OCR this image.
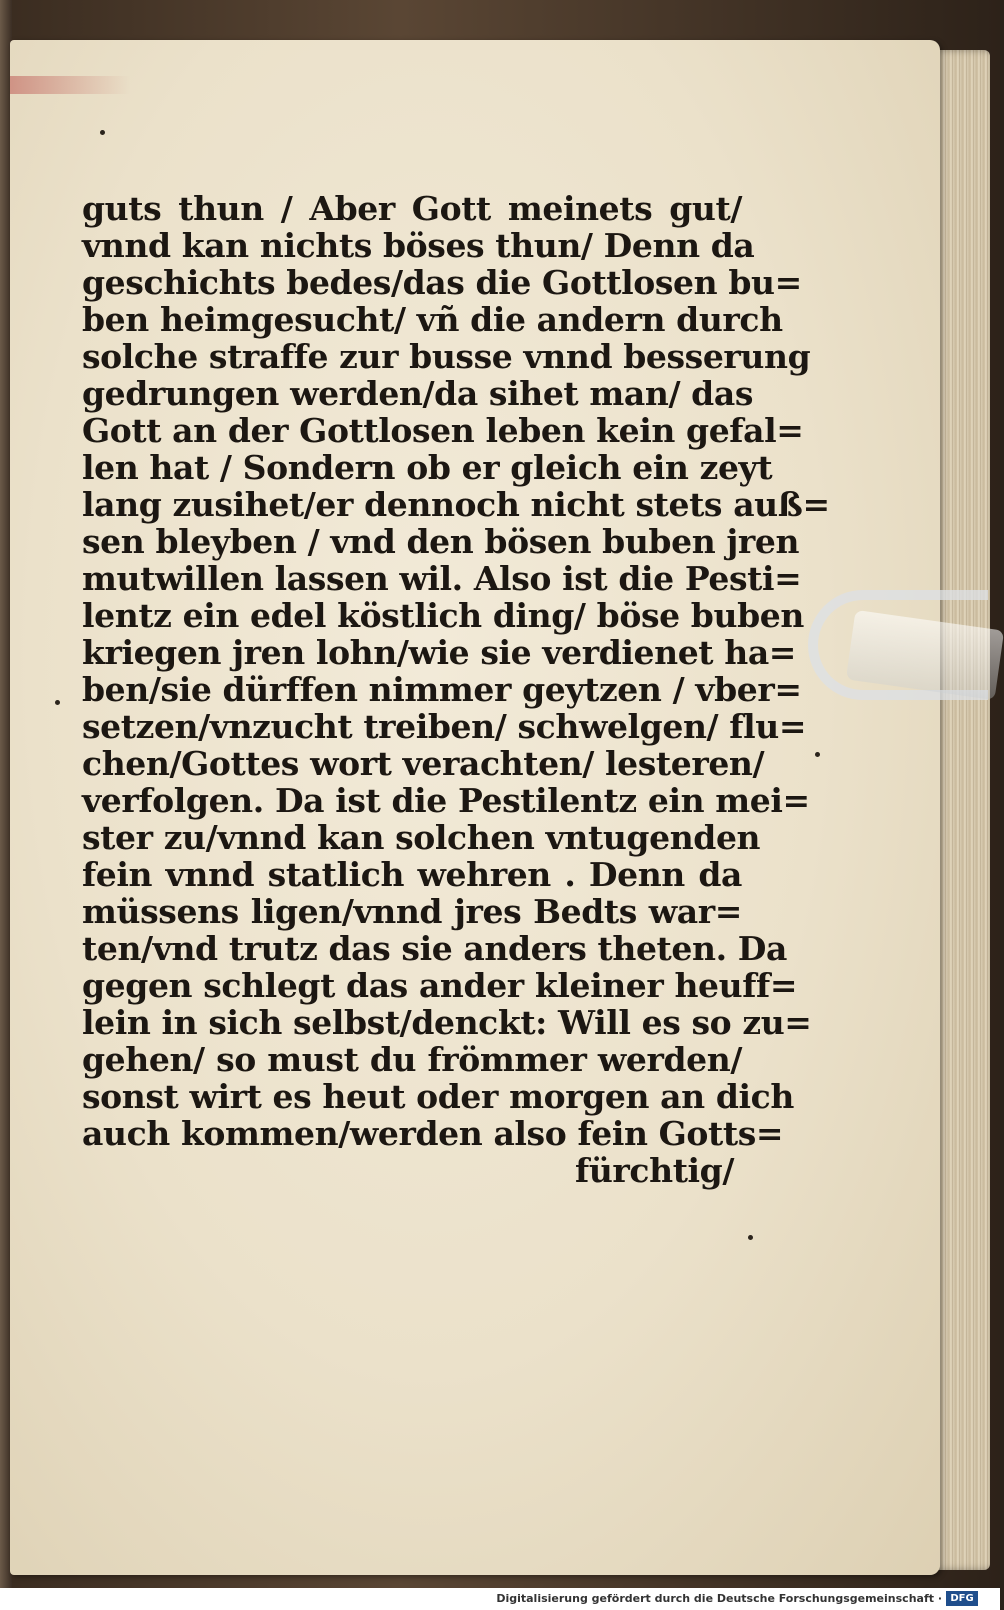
guts thun / Aber Gott meinets gut/
vnnd kan nichts böses thun/ Denn da
geschichts bedes/das die Gottlosen bu=
ben heimgesucht/ vñ die andern durch
solche straffe zur busse vnnd besserung
gedrungen werden/da sihet man/ das
Gott an der Gottlosen leben kein gefal=
len hat / Sondern ob er gleich ein zeyt
lang zusihet/er dennoch nicht stets auß=
sen bleyben / vnd den bösen buben jren
mutwillen lassen wil. Also ist die Pesti=
lentz ein edel köstlich ding/ böse buben
kriegen jren lohn/wie sie verdienet ha=
ben/sie dürffen nimmer geytzen / vber=
setzen/vnzucht treiben/ schwelgen/ flu=
chen/Gottes wort verachten/ lesteren/
verfolgen. Da ist die Pestilentz ein mei=
ster zu/vnnd kan solchen vntugenden
fein vnnd statlich wehren . Denn da
müssens ligen/vnnd jres Bedts war=
ten/vnd trutz das sie anders theten. Da
gegen schlegt das ander kleiner heuff=
lein in sich selbst/denckt: Will es so zu=
gehen/ so must du frömmer werden/
sonst wirt es heut oder morgen an dich
auch kommen/werden also fein Gotts=
fürchtig/
Digitalisierung gefördert durch die Deutsche Forschungsgemeinschaft · DFG
